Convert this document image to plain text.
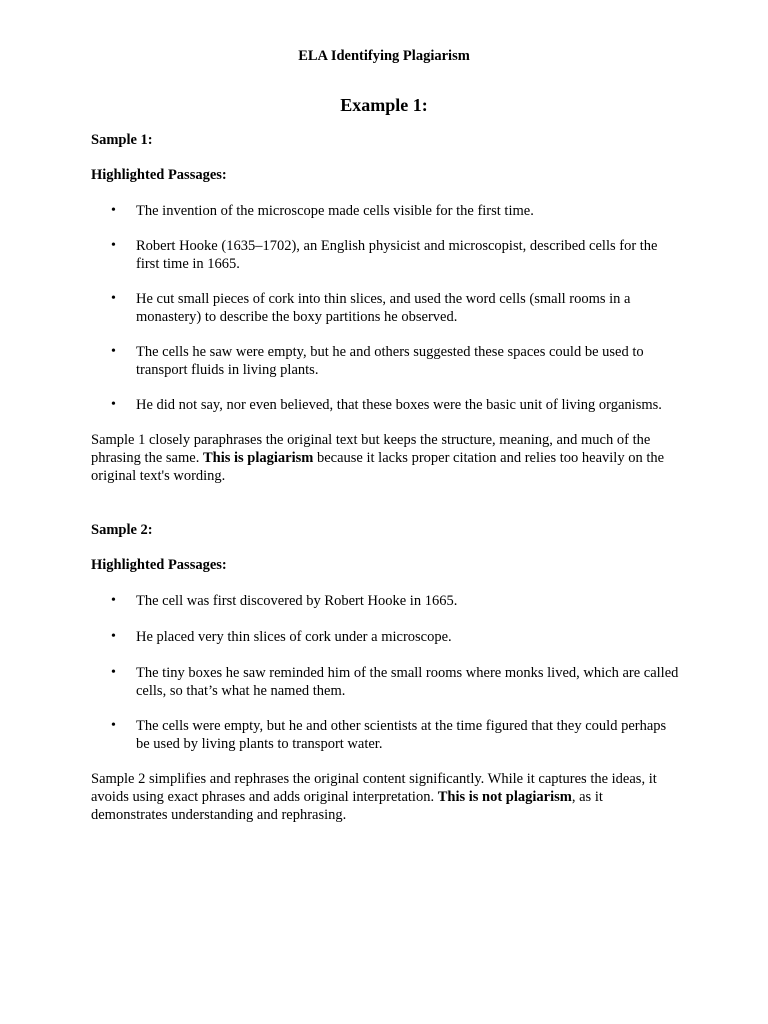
ELA Identifying Plagiarism
Example 1:

Sample 1:

Highlighted Passages:

• The invention of the microscope made cells visible for the first time.
• Robert Hooke (1635–1702), an English physicist and microscopist, described cells for the first time in 1665.
• He cut small pieces of cork into thin slices, and used the word cells (small rooms in a monastery) to describe the boxy partitions he observed.
• The cells he saw were empty, but he and others suggested these spaces could be used to transport fluids in living plants.
• He did not say, nor even believed, that these boxes were the basic unit of living organisms.

Sample 1 closely paraphrases the original text but keeps the structure, meaning, and much of the phrasing the same. This is plagiarism because it lacks proper citation and relies too heavily on the original text's wording.

Sample 2:

Highlighted Passages:

• The cell was first discovered by Robert Hooke in 1665.
• He placed very thin slices of cork under a microscope.
• The tiny boxes he saw reminded him of the small rooms where monks lived, which are called cells, so that’s what he named them.
• The cells were empty, but he and other scientists at the time figured that they could perhaps be used by living plants to transport water.

Sample 2 simplifies and rephrases the original content significantly. While it captures the ideas, it avoids using exact phrases and adds original interpretation. This is not plagiarism, as it demonstrates understanding and rephrasing.
